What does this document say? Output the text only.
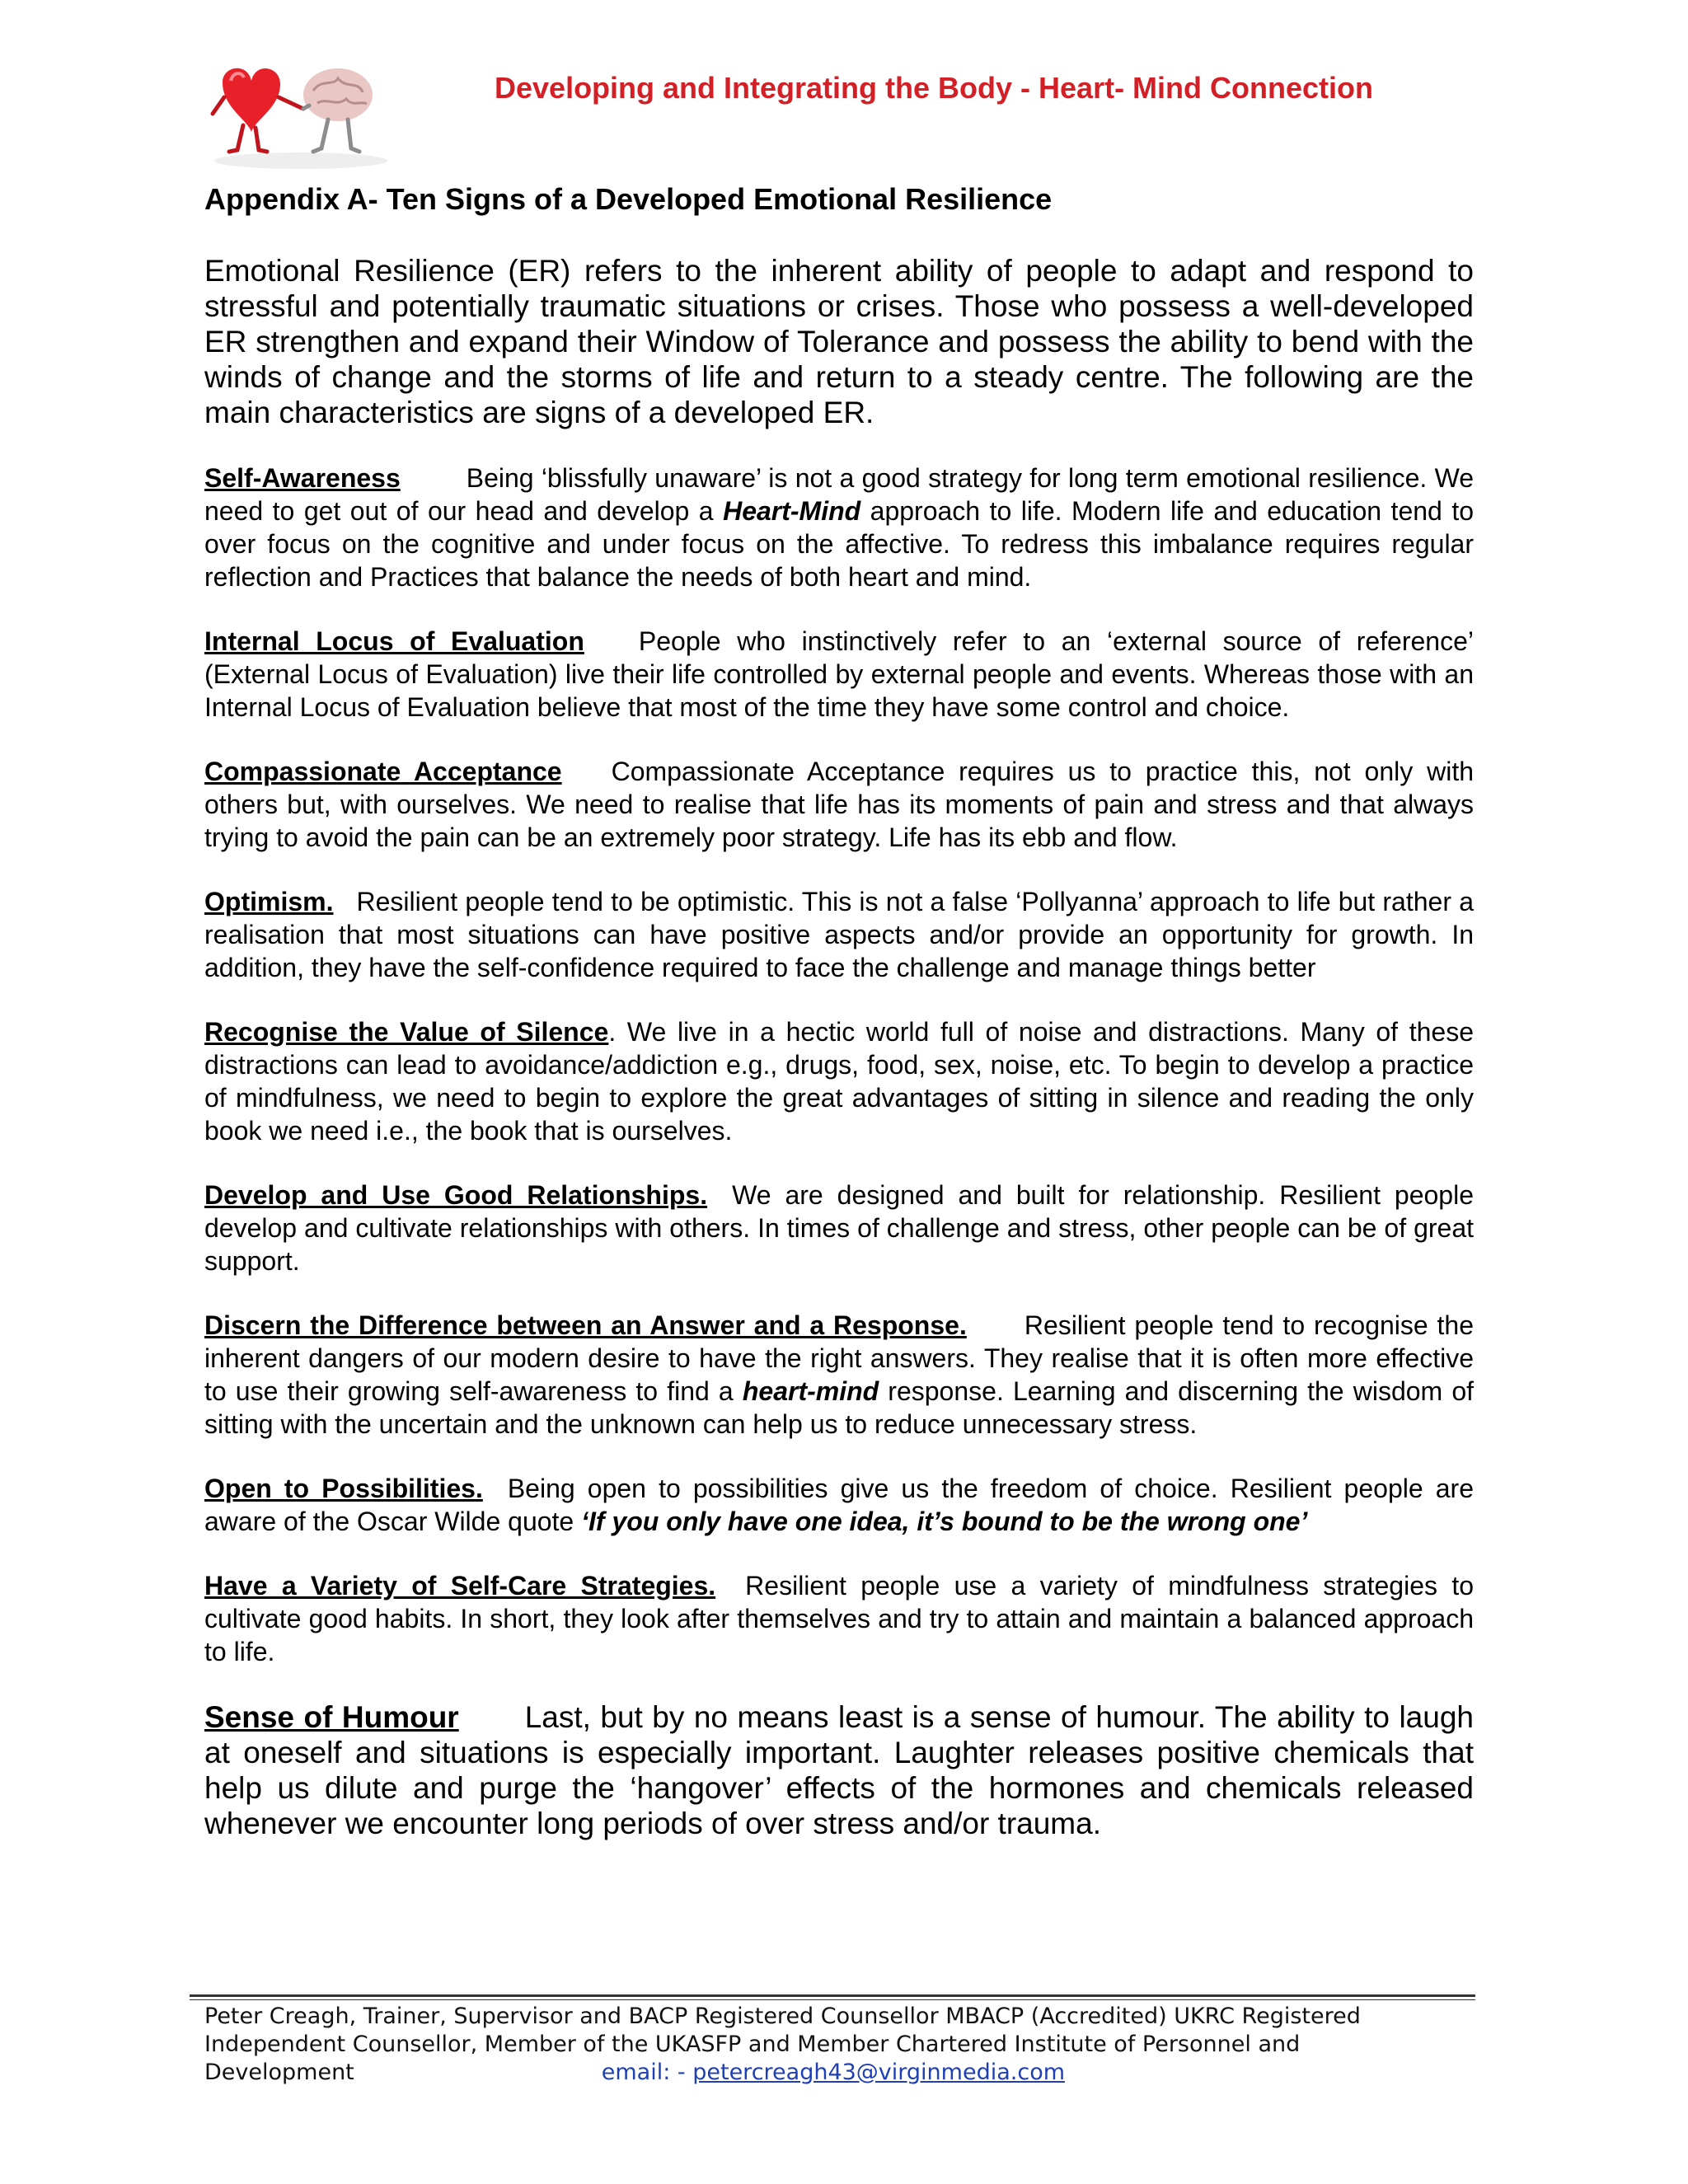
Developing and Integrating the Body - Heart- Mind Connection
Appendix A- Ten Signs of a Developed Emotional Resilience

Emotional Resilience (ER) refers to the inherent ability of people to adapt and respond to stressful and potentially traumatic situations or crises. Those who possess a well-developed ER strengthen and expand their Window of Tolerance and possess the ability to bend with the winds of change and the storms of life and return to a steady centre. The following are the main characteristics are signs of a developed ER.

Self-Awareness	Being ‘blissfully unaware’ is not a good strategy for long term emotional resilience. We need to get out of our head and develop a Heart-Mind approach to life. Modern life and education tend to over focus on the cognitive and under focus on the affective. To redress this imbalance requires regular reflection and Practices that balance the needs of both heart and mind.

Internal Locus of Evaluation People who instinctively refer to an ‘external source of reference’ (External Locus of Evaluation) live their life controlled by external people and events. Whereas those with an Internal Locus of Evaluation believe that most of the time they have some control and choice.

Compassionate Acceptance Compassionate Acceptance requires us to practice this, not only with others but, with ourselves. We need to realise that life has its moments of pain and stress and that always trying to avoid the pain can be an extremely poor strategy. Life has its ebb and flow.

Optimism. Resilient people tend to be optimistic. This is not a false ‘Pollyanna’ approach to life but rather a realisation that most situations can have positive aspects and/or provide an opportunity for growth. In addition, they have the self-confidence required to face the challenge and manage things better

Recognise the Value of Silence. We live in a hectic world full of noise and distractions. Many of these distractions can lead to avoidance/addiction e.g., drugs, food, sex, noise, etc. To begin to develop a practice of mindfulness, we need to begin to explore the great advantages of sitting in silence and reading the only book we need i.e., the book that is ourselves.

Develop and Use Good Relationships. We are designed and built for relationship. Resilient people develop and cultivate relationships with others. In times of challenge and stress, other people can be of great support.

Discern the Difference between an Answer and a Response. Resilient people tend to recognise the inherent dangers of our modern desire to have the right answers. They realise that it is often more effective to use their growing self-awareness to find a heart-mind response. Learning and discerning the wisdom of sitting with the uncertain and the unknown can help us to reduce unnecessary stress.

Open to Possibilities. Being open to possibilities give us the freedom of choice. Resilient people are aware of the Oscar Wilde quote ‘If you only have one idea, it’s bound to be the wrong one’

Have a Variety of Self-Care Strategies. Resilient people use a variety of mindfulness strategies to cultivate good habits. In short, they look after themselves and try to attain and maintain a balanced approach to life.

Sense of Humour Last, but by no means least is a sense of humour. The ability to laugh at oneself and situations is especially important. Laughter releases positive chemicals that help us dilute and purge the ‘hangover’ effects of the hormones and chemicals released whenever we encounter long periods of over stress and/or trauma.

Peter Creagh, Trainer, Supervisor and BACP Registered Counsellor MBACP (Accredited) UKRC Registered
Independent Counsellor, Member of the UKASFP and Member Chartered Institute of Personnel and
Development	email: - petercreagh43@virginmedia.com
